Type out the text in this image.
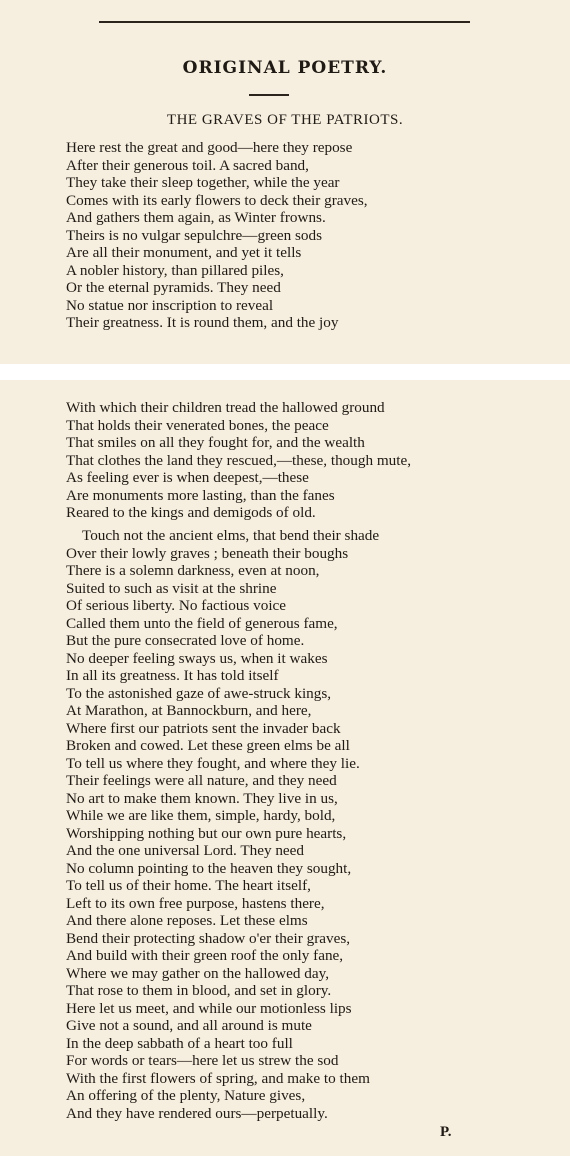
ORIGINAL POETRY.
THE GRAVES OF THE PATRIOTS.
Here rest the great and good—here they repose
After their generous toil. A sacred band,
They take their sleep together, while the year
Comes with its early flowers to deck their graves,
And gathers them again, as Winter frowns.
Theirs is no vulgar sepulchre—green sods
Are all their monument, and yet it tells
A nobler history, than pillared piles,
Or the eternal pyramids. They need
No statue nor inscription to reveal
Their greatness. It is round them, and the joy
With which their children tread the hallowed ground
That holds their venerated bones, the peace
That smiles on all they fought for, and the wealth
That clothes the land they rescued,—these, though mute,
As feeling ever is when deepest,—these
Are monuments more lasting, than the fanes
Reared to the kings and demigods of old.
Touch not the ancient elms, that bend their shade
Over their lowly graves ; beneath their boughs
There is a solemn darkness, even at noon,
Suited to such as visit at the shrine
Of serious liberty. No factious voice
Called them unto the field of generous fame,
But the pure consecrated love of home.
No deeper feeling sways us, when it wakes
In all its greatness. It has told itself
To the astonished gaze of awe-struck kings,
At Marathon, at Bannockburn, and here,
Where first our patriots sent the invader back
Broken and cowed. Let these green elms be all
To tell us where they fought, and where they lie.
Their feelings were all nature, and they need
No art to make them known. They live in us,
While we are like them, simple, hardy, bold,
Worshipping nothing but our own pure hearts,
And the one universal Lord. They need
No column pointing to the heaven they sought,
To tell us of their home. The heart itself,
Left to its own free purpose, hastens there,
And there alone reposes. Let these elms
Bend their protecting shadow o'er their graves,
And build with their green roof the only fane,
Where we may gather on the hallowed day,
That rose to them in blood, and set in glory.
Here let us meet, and while our motionless lips
Give not a sound, and all around is mute
In the deep sabbath of a heart too full
For words or tears—here let us strew the sod
With the first flowers of spring, and make to them
An offering of the plenty, Nature gives,
And they have rendered ours—perpetually.
P.
